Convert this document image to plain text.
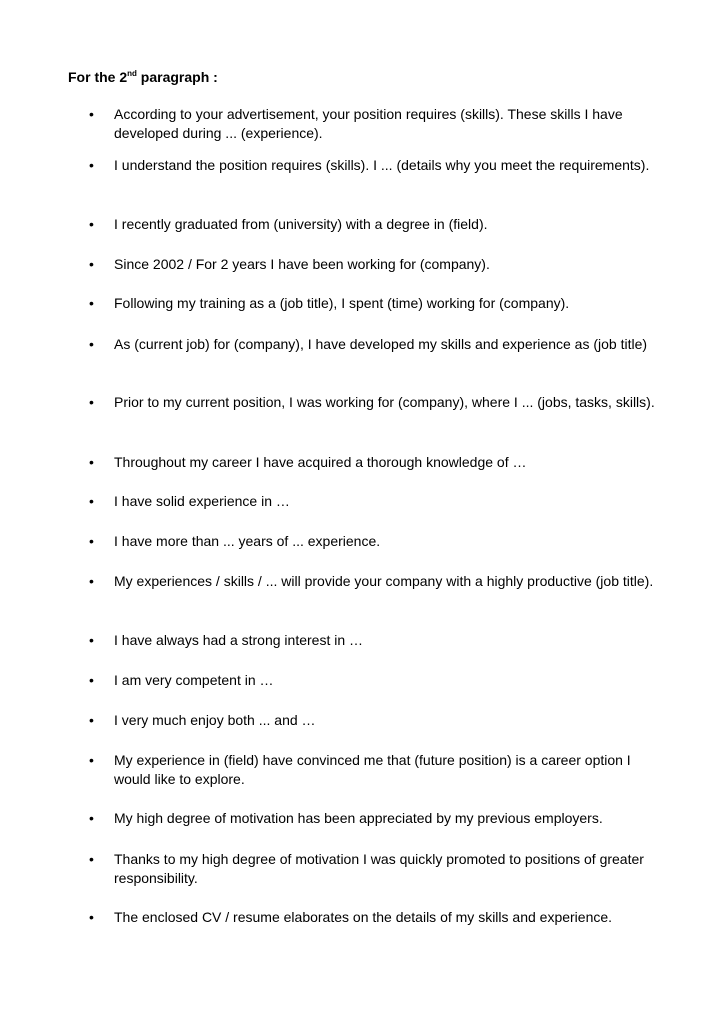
For the 2nd paragraph :
• According to your advertisement, your position requires (skills). These skills I have developed during ... (experience).
• I understand the position requires (skills). I ... (details why you meet the requirements).
• I recently graduated from (university) with a degree in (field).
• Since 2002 / For 2 years I have been working for (company).
• Following my training as a (job title), I spent (time) working for (company).
• As (current job) for (company), I have developed my skills and experience as (job title)
• Prior to my current position, I was working for (company), where I ... (jobs, tasks, skills).
• Throughout my career I have acquired a thorough knowledge of …
• I have solid experience in …
• I have more than ... years of ... experience.
• My experiences / skills / ... will provide your company with a highly productive (job title).
• I have always had a strong interest in …
• I am very competent in …
• I very much enjoy both ... and …
• My experience in (field) have convinced me that (future position) is a career option I would like to explore.
• My high degree of motivation has been appreciated by my previous employers.
• Thanks to my high degree of motivation I was quickly promoted to positions of greater responsibility.
• The enclosed CV / resume elaborates on the details of my skills and experience.
